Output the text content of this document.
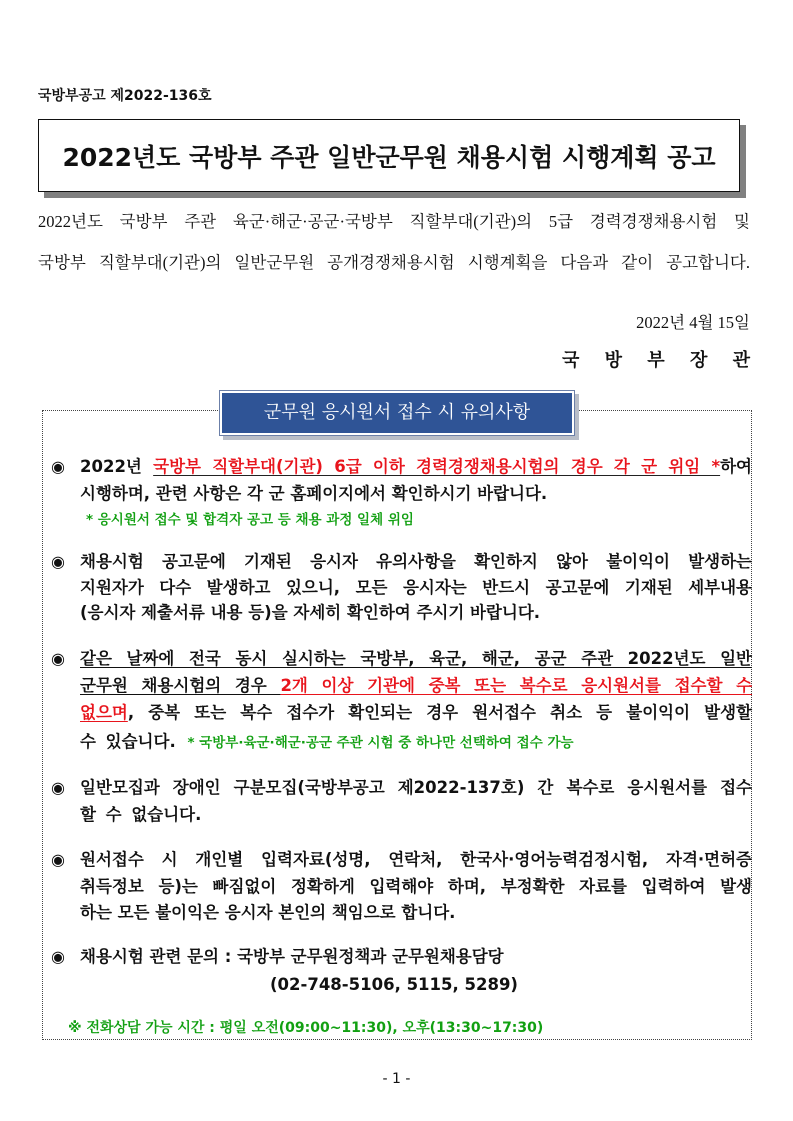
국방부공고 제2022-136호
2022년도 국방부 주관 일반군무원 채용시험 시행계획 공고
2022년도 국방부 주관 육군·해군·공군·국방부 직할부대(기관)의 5급 경력경쟁채용시험 및
국방부 직할부대(기관)의 일반군무원 공개경쟁채용시험 시행계획을 다음과 같이 공고합니다.
2022년 4월 15일
국 방 부 장 관
군무원 응시원서 접수 시 유의사항
◉ 2022년 국방부 직할부대(기관) 6급 이하 경력경쟁채용시험의 경우 각 군 위임 *하여
시행하며, 관련 사항은 각 군 홈페이지에서 확인하시기 바랍니다.
* 응시원서 접수 및 합격자 공고 등 채용 과정 일체 위임
◉ 채용시험 공고문에 기재된 응시자 유의사항을 확인하지 않아 불이익이 발생하는
지원자가 다수 발생하고 있으니, 모든 응시자는 반드시 공고문에 기재된 세부내용
(응시자 제출서류 내용 등)을 자세히 확인하여 주시기 바랍니다.
◉ 같은 날짜에 전국 동시 실시하는 국방부, 육군, 해군, 공군 주관 2022년도 일반
군무원 채용시험의 경우 2개 이상 기관에 중복 또는 복수로 응시원서를 접수할 수
없으며, 중복 또는 복수 접수가 확인되는 경우 원서접수 취소 등 불이익이 발생할
수 있습니다. * 국방부·육군·해군·공군 주관 시험 중 하나만 선택하여 접수 가능
◉ 일반모집과 장애인 구분모집(국방부공고 제2022-137호) 간 복수로 응시원서를 접수
할 수 없습니다.
◉ 원서접수 시 개인별 입력자료(성명, 연락처, 한국사·영어능력검정시험, 자격·면허증
취득정보 등)는 빠짐없이 정확하게 입력해야 하며, 부정확한 자료를 입력하여 발생
하는 모든 불이익은 응시자 본인의 책임으로 합니다.
◉ 채용시험 관련 문의 : 국방부 군무원정책과 군무원채용담당
(02-748-5106, 5115, 5289)
※ 전화상담 가능 시간 : 평일 오전(09:00~11:30), 오후(13:30~17:30)
- 1 -
